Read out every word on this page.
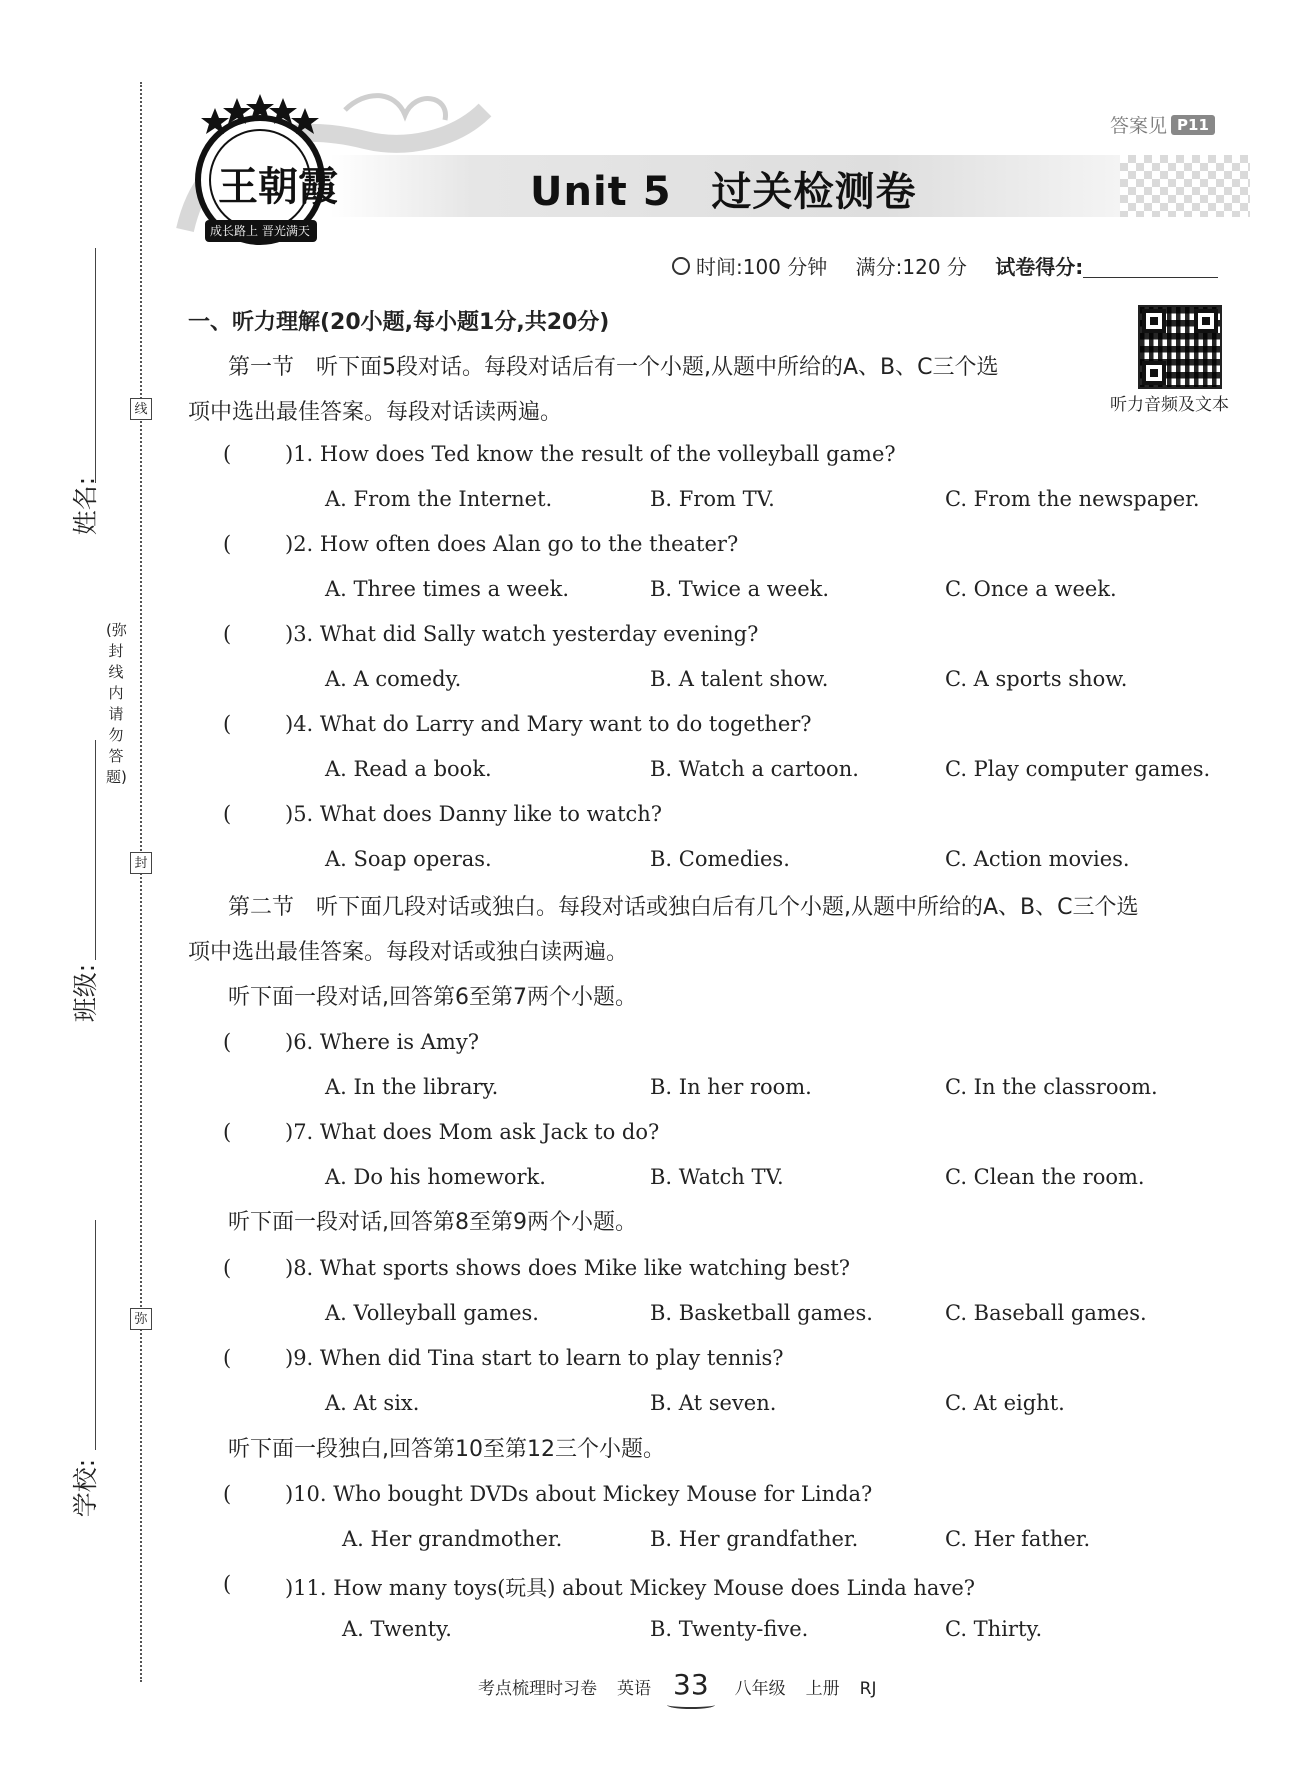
线
封
弥
(弥封线内请勿答题)
姓名:
班级:
学校:
王朝霞
成长路上 晋光满天
答案见 P11
Unit 5 过关检测卷
时间:100 分钟 满分:120 分 试卷得分:
听力音频及文本
一、听力理解(20小题,每小题1分,共20分)
第一节　听下面5段对话。每段对话后有一个小题,从题中所给的A、B、C三个选
项中选出最佳答案。每段对话读两遍。
(	)1. How does Ted know the result of the volleyball game?
A. From the Internet.	B. From TV.	C. From the newspaper.
(	)2. How often does Alan go to the theater?
A. Three times a week.	B. Twice a week.	C. Once a week.
(	)3. What did Sally watch yesterday evening?
A. A comedy.	B. A talent show.	C. A sports show.
(	)4. What do Larry and Mary want to do together?
A. Read a book.	B. Watch a cartoon.	C. Play computer games.
(	)5. What does Danny like to watch?
A. Soap operas.	B. Comedies.	C. Action movies.
第二节　听下面几段对话或独白。每段对话或独白后有几个小题,从题中所给的A、B、C三个选
项中选出最佳答案。每段对话或独白读两遍。
听下面一段对话,回答第6至第7两个小题。
(	)6. Where is Amy?
A. In the library.	B. In her room.	C. In the classroom.
(	)7. What does Mom ask Jack to do?
A. Do his homework.	B. Watch TV.	C. Clean the room.
听下面一段对话,回答第8至第9两个小题。
(	)8. What sports shows does Mike like watching best?
A. Volleyball games.	B. Basketball games.	C. Baseball games.
(	)9. When did Tina start to learn to play tennis?
A. At six.	B. At seven.	C. At eight.
听下面一段独白,回答第10至第12三个小题。
(	)10. Who bought DVDs about Mickey Mouse for Linda?
A. Her grandmother.	B. Her grandfather.	C. Her father.
(	)11. How many toys(玩具) about Mickey Mouse does Linda have?
A. Twenty.	B. Twenty-five.	C. Thirty.
考点梳理时习卷 英语 33 八年级 上册 RJ
